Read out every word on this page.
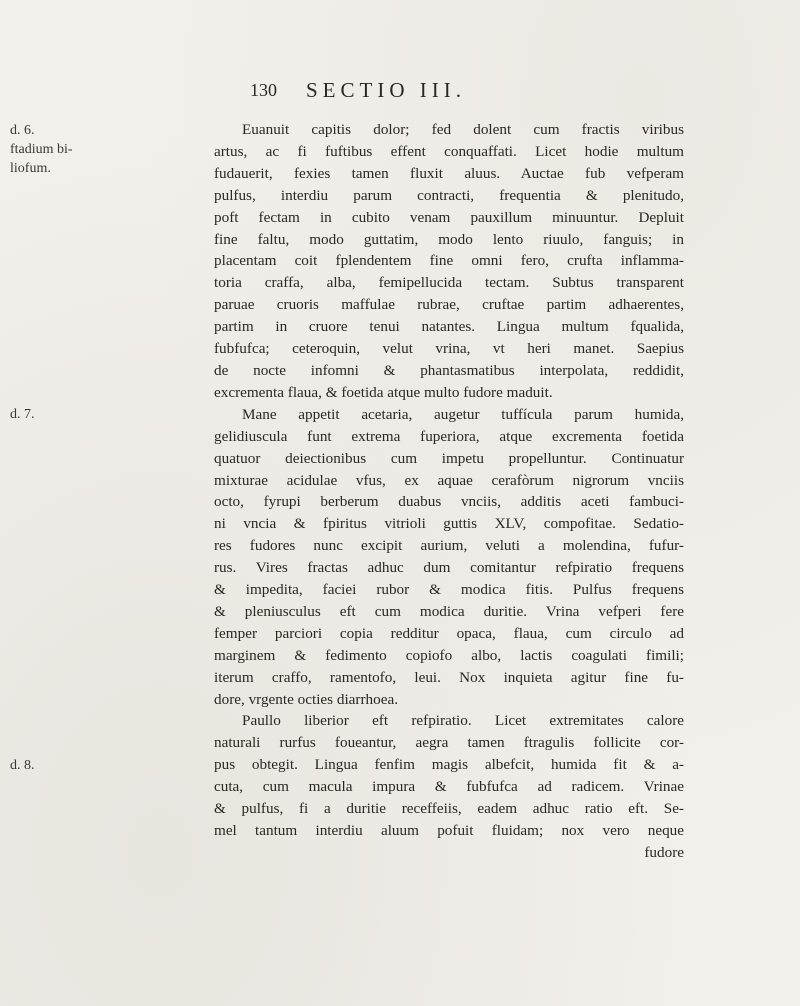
130 SECTIO III.
d. 6.
ftadium bi-
liofum.
d. 7.
d. 8.
Euanuit capitis dolor; fed dolent cum fractis viribus
artus, ac fi fuftibus effent conquaffati. Licet hodie multum
fudauerit, fexies tamen fluxit aluus. Auctae fub vefperam
pulfus, interdiu parum contracti, frequentia & plenitudo,
poft fectam in cubito venam pauxillum minuuntur. Depluit
fine faltu, modo guttatim, modo lento riuulo, fanguis; in
placentam coit fplendentem fine omni fero, crufta inflamma-
toria craffa, alba, femipellucida tectam. Subtus transparent
paruae cruoris maffulae rubrae, cruftae partim adhaerentes,
partim in cruore tenui natantes. Lingua multum fqualida,
fubfufca; ceteroquin, velut vrina, vt heri manet. Saepius
de nocte infomni & phantasmatibus interpolata, reddidit,
excrementa flaua, & foetida atque multo fudore maduit.
Mane appetit acetaria, augetur tuffícula parum humida,
gelidiuscula funt extrema fuperiora, atque excrementa foetida
quatuor deiectionibus cum impetu propelluntur. Continuatur
mixturae acidulae vfus, ex aquae cerafòrum nigrorum vnciis
octo, fyrupi berberum duabus vnciis, additis aceti fambuci-
ni vncia & fpiritus vitrioli guttis XLV, compofitae. Sedatio-
res fudores nunc excipit aurium, veluti a molendina, fufur-
rus. Vires fractas adhuc dum comitantur refpiratio frequens
& impedita, faciei rubor & modica fitis. Pulfus frequens
& pleniusculus eft cum modica duritie. Vrina vefperi fere
femper parciori copia redditur opaca, flaua, cum circulo ad
marginem & fedimento copiofo albo, lactis coagulati fimili;
iterum craffo, ramentofo, leui. Nox inquieta agitur fine fu-
dore, vrgente octies diarrhoea.
Paullo liberior eft refpiratio. Licet extremitates calore
naturali rurfus foueantur, aegra tamen ftragulis follicite cor-
pus obtegit. Lingua fenfim magis albefcit, humida fit & a-
cuta, cum macula impura & fubfufca ad radicem. Vrinae
& pulfus, fi a duritie receffeiis, eadem adhuc ratio eft. Se-
mel tantum interdiu aluum pofuit fluidam; nox vero neque
fudore
